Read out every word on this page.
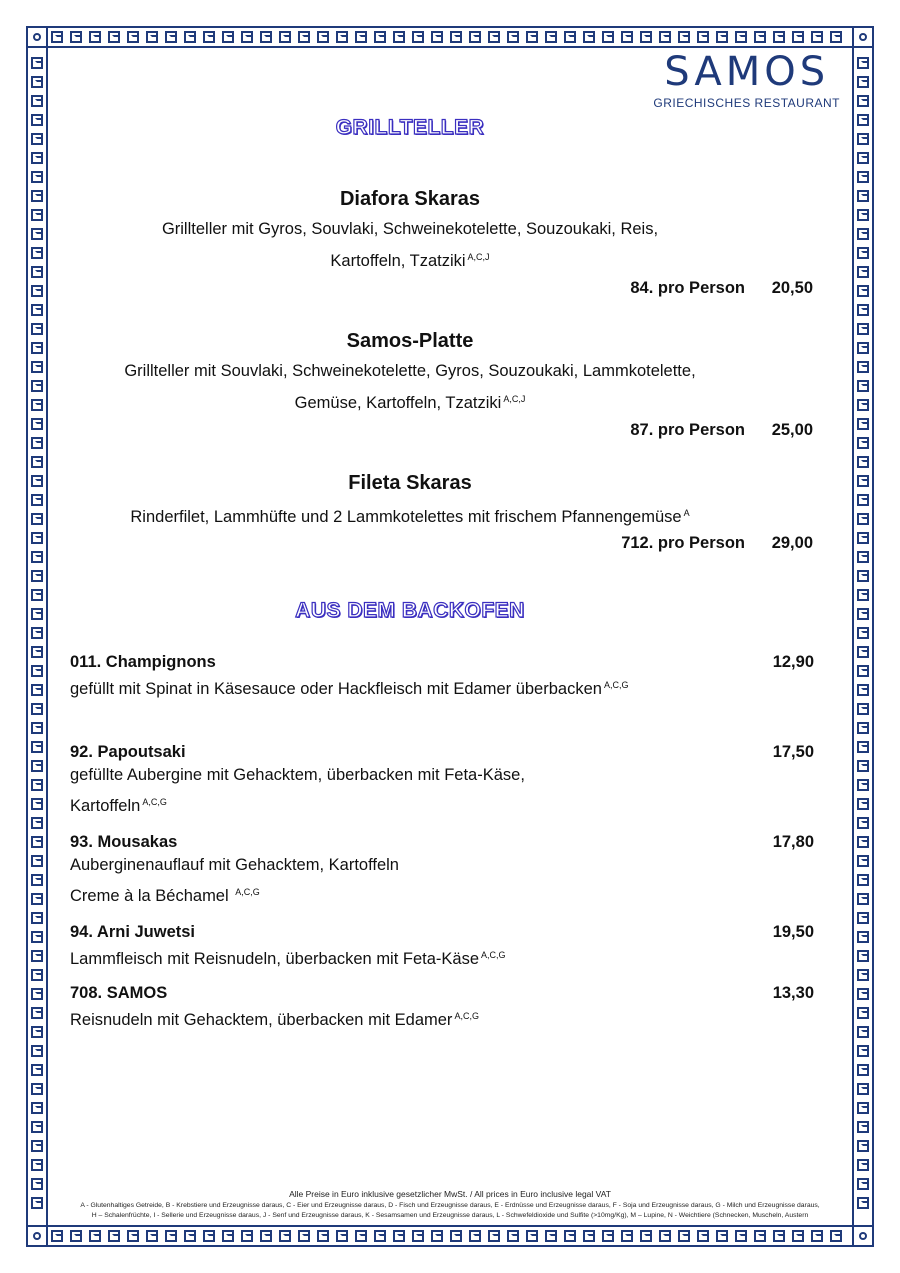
SAMOS
GRIECHISCHES RESTAURANT
GRILLTELLER
Diafora Skaras
Grillteller mit Gyros, Souvlaki, Schweinekotelette, Souzoukaki, Reis,
Kartoffeln, Tzatziki $^{A,C,J}$
84. pro Person 20,50
Samos-Platte
Grillteller mit Souvlaki, Schweinekotelette, Gyros, Souzoukaki, Lammkotelette,
Gemüse, Kartoffeln, Tzatziki $^{A,C,J}$
87. pro Person 25,00
Fileta Skaras
Rinderfilet, Lammhüfte und 2 Lammkotelettes mit frischem Pfannengemüse $^A$
712. pro Person 29,00
AUS DEM BACKOFEN
011. Champignons	12,90
gefüllt mit Spinat in Käsesauce oder Hackfleisch mit Edamer überbacken $^{A,C,G}$
92. Papoutsaki	17,50
gefüllte Aubergine mit Gehacktem, überbacken mit Feta-Käse,
Kartoffeln $^{A,C,G}$
93. Mousakas	17,80
Auberginenauflauf mit Gehacktem, Kartoffeln
Creme à la Béchamel $^{A,C,G}$
94. Arni Juwetsi	19,50
Lammfleisch mit Reisnudeln, überbacken mit Feta-Käse $^{A,C,G}$
708. SAMOS	13,30
Reisnudeln mit Gehacktem, überbacken mit Edamer $^{A,C,G}$
Alle Preise in Euro inklusive gesetzlicher MwSt. / All prices in Euro inclusive legal VAT
A - Glutenhaltiges Getreide, B - Krebstiere und Erzeugnisse daraus, C - Eier und Erzeugnisse daraus, D - Fisch und Erzeugnisse daraus, E - Erdnüsse und Erzeugnisse daraus, F - Soja und Erzeugnisse daraus, G - Milch und Erzeugnisse daraus,
H – Schalenfrüchte, I - Sellerie und Erzeugnisse daraus, J - Senf und Erzeugnisse daraus, K - Sesamsamen und Erzeugnisse daraus, L - Schwefeldioxide und Sulfite (>10mg/Kg), M – Lupine, N - Weichtiere (Schnecken, Muscheln, Austern
